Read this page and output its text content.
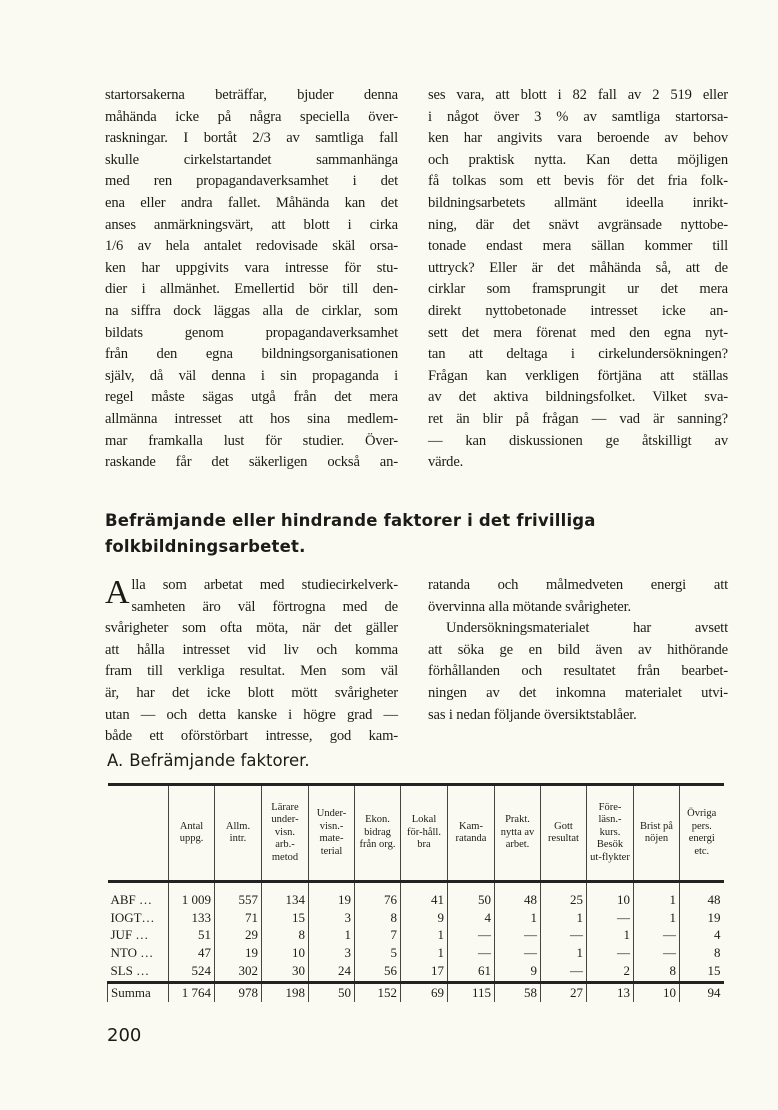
startorsakerna beträffar, bjuder denna
måhända icke på några speciella över-
raskningar. I bortåt 2/3 av samtliga fall
skulle cirkelstartandet sammanhänga
med ren propagandaverksamhet i det
ena eller andra fallet. Måhända kan det
anses anmärkningsvärt, att blott i cirka
1/6 av hela antalet redovisade skäl orsa-
ken har uppgivits vara intresse för stu-
dier i allmänhet. Emellertid bör till den-
na siffra dock läggas alla de cirklar, som
bildats genom propagandaverksamhet
från den egna bildningsorganisationen
själv, då väl denna i sin propaganda i
regel måste sägas utgå från det mera
allmänna intresset att hos sina medlem-
mar framkalla lust för studier. Över-
raskande får det säkerligen också an-
ses vara, att blott i 82 fall av 2 519 eller
i något över 3 % av samtliga startorsa-
ken har angivits vara beroende av behov
och praktisk nytta. Kan detta möjligen
få tolkas som ett bevis för det fria folk-
bildningsarbetets allmänt ideella inrikt-
ning, där det snävt avgränsade nyttobe-
tonade endast mera sällan kommer till
uttryck? Eller är det måhända så, att de
cirklar som framsprungit ur det mera
direkt nyttobetonade intresset icke an-
sett det mera förenat med den egna nyt-
tan att deltaga i cirkelundersökningen?
Frågan kan verkligen förtjäna att ställas
av det aktiva bildningsfolket. Vilket sva-
ret än blir på frågan — vad är sanning?
— kan diskussionen ge åtskilligt av
värde.
Befrämjande eller hindrande faktorer i det frivilliga
folkbildningsarbetet.
A lla som arbetat med studiecirkelverk-
samheten äro väl förtrogna med de
svårigheter som ofta möta, när det gäller
att hålla intresset vid liv och komma
fram till verkliga resultat. Men som väl
är, har det icke blott mött svårigheter
utan — och detta kanske i högre grad —
både ett oförstörbart intresse, god kam-
ratanda och målmedveten energi att
övervinna alla mötande svårigheter.
Undersökningsmaterialet har avsett
att söka ge en bild även av hithörande
förhållanden och resultatet från bearbet-
ningen av det inkomna materialet utvi-
sas i nedan följande översiktstablåer.
A. Befrämjande faktorer.
	Antal uppg.	Allm. intr.	Lärare under-visn. arb.-metod	Under-visn.-mate-terial	Ekon. bidrag från org.	Lokal för-håll. bra	Kam-ratanda	Prakt. nytta av arbet.	Gott resultat	Före-läsn.-kurs. Besök ut-flykter	Brist på nöjen	Övriga pers. energi etc.
ABF …	1 009	557	134	19	76	41	50	48	25	10	1	48
IOGT…	133	71	15	3	8	9	4	1	1	—	1	19
JUF …	51	29	8	1	7	1	—	—	—	1	—	4
NTO …	47	19	10	3	5	1	—	—	1	—	—	8
SLS …	524	302	30	24	56	17	61	9	—	2	8	15
Summa	1 764	978	198	50	152	69	115	58	27	13	10	94
200
